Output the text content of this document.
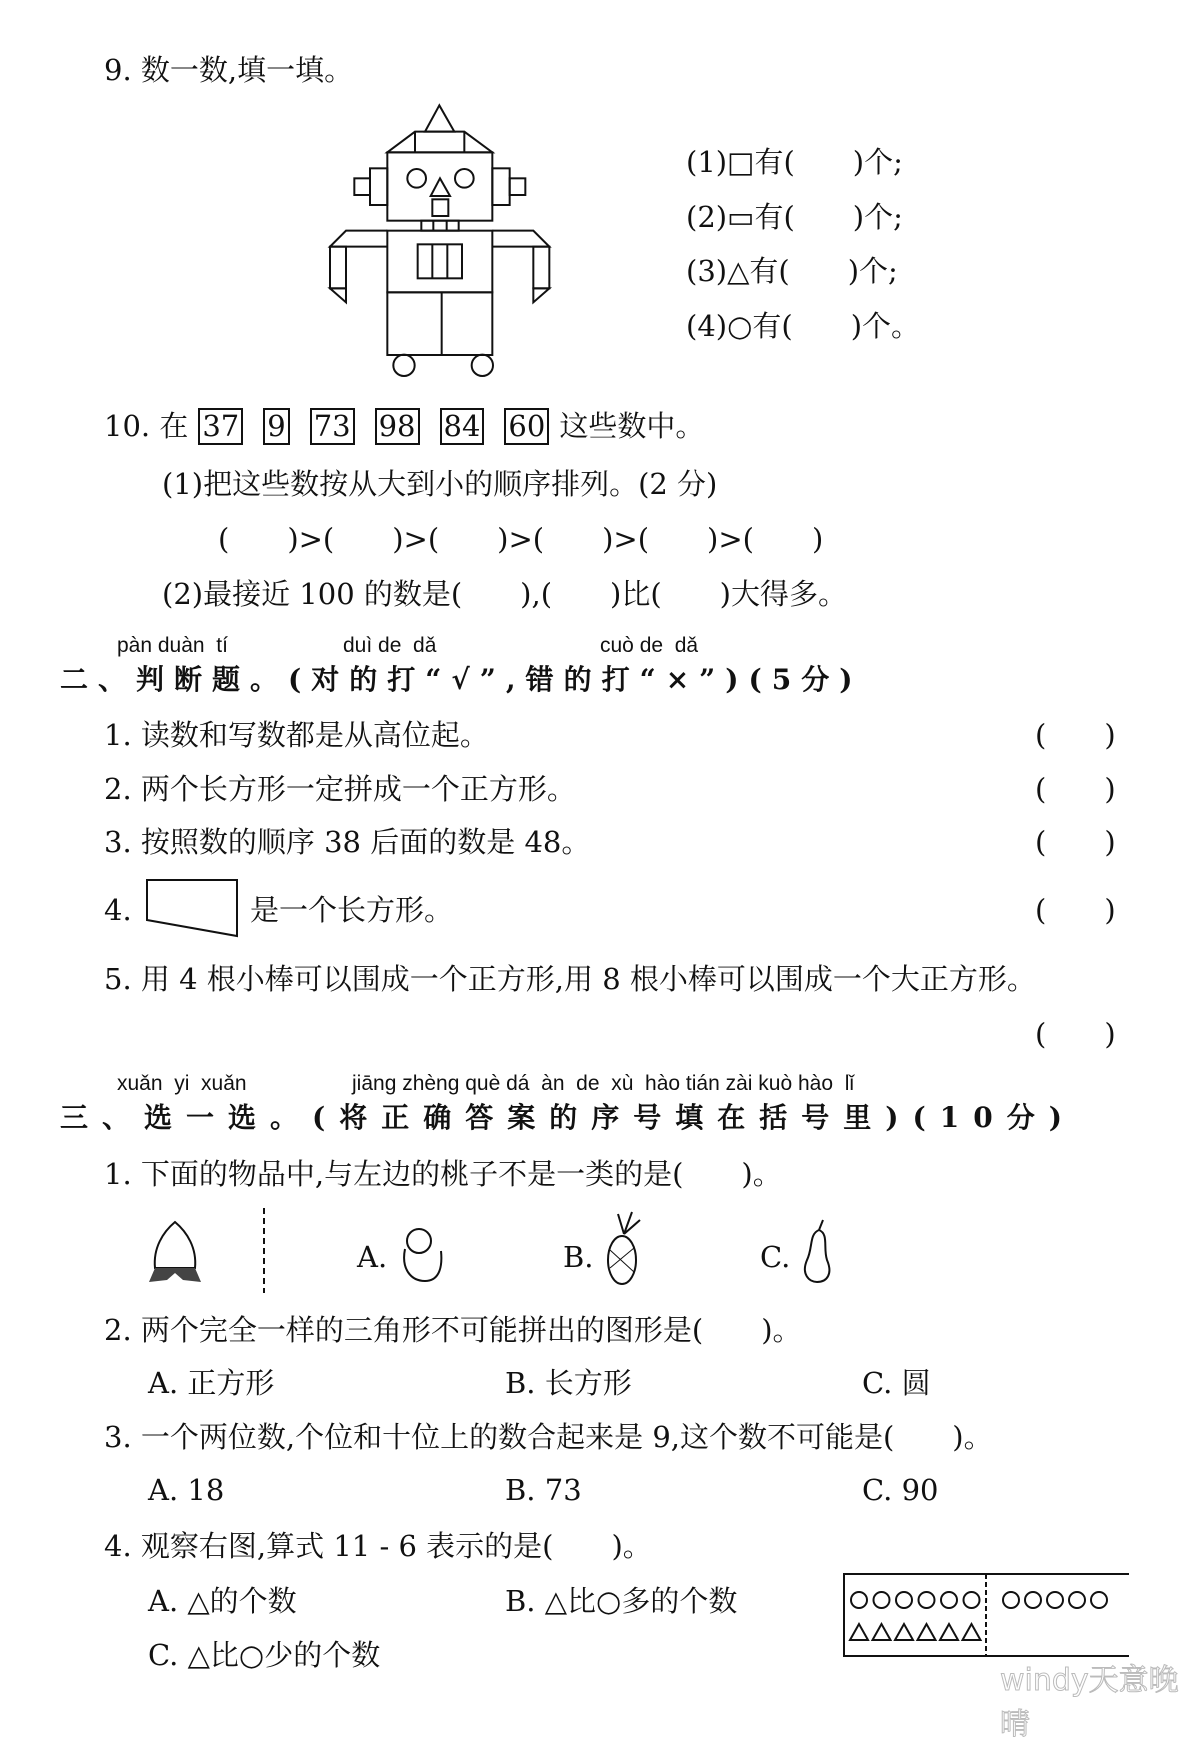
9. 数一数,填一填。
(1)□有(　　)个;
(2)▭有(　　)个;
(3)△有(　　)个;
(4)○有(　　)个。
10. 在 37 9 73 98 84 60 这些数中。
(1)把这些数按从大到小的顺序排列。(2 分)
(　　)>(　　)>(　　)>(　　)>(　　)>(　　)
(2)最接近 100 的数是(　　),(　　)比(　　)大得多。
pàn duàn  tí	duì de  dǎ	cuò de  dǎ
二、判断题。(对的打“√”,错的打“×”)(5分)
1. 读数和写数都是从高位起。	(　　)
2. 两个长方形一定拼成一个正方形。	(　　)
3. 按照数的顺序 38 后面的数是 48。	(　　)
4.	是一个长方形。	(　　)
5. 用 4 根小棒可以围成一个正方形,用 8 根小棒可以围成一个大正方形。
(　　)
xuǎn  yi  xuǎn	jiāng zhèng què dá  àn  de  xù  hào tián zài kuò hào  lǐ
三、选一选。(将正确答案的序号填在括号里)(10分)
1. 下面的物品中,与左边的桃子不是一类的是(　　)。
A.	B.	C.
2. 两个完全一样的三角形不可能拼出的图形是(　　)。
A. 正方形	B. 长方形	C. 圆
3. 一个两位数,个位和十位上的数合起来是 9,这个数不可能是(　　)。
A. 18	B. 73	C. 90
4. 观察右图,算式 11 - 6 表示的是(　　)。
A. △的个数	B. △比○多的个数
C. △比○少的个数
windy天意晚晴
